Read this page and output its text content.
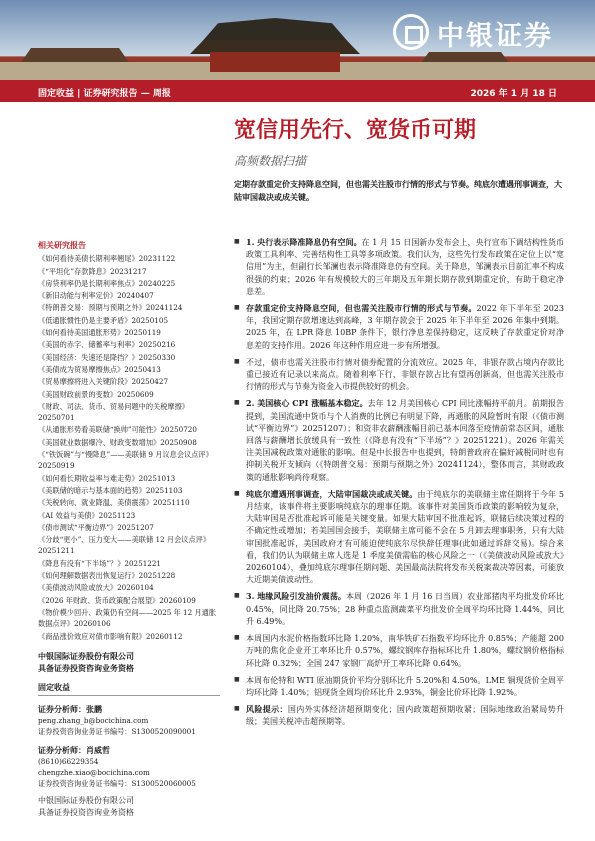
中银证券
固定收益 | 证券研究报告 — 周报	2026 年 1 月 18 日
宽信用先行、宽货币可期
高频数据扫描
定期存款重定价支持降息空间，但也需关注股市行情的形式与节奏。纯底尔遭遇刑事调查，大陆审国裁决或成关键。
相关研究报告
《如何看待美债长期利率翘尾》20231122
《“平坦化”存款降息》20231217
《房贷利率仍是长期利率焦点》20240225
《新旧动能与利率定价》20240407
《特朗普交易：预期与预期之外》20241124
《低通胀惯性仍是主要矛盾》20250105
《如何看待美国通胀形势》20250119
《美国的赤字、储蓄率与利率》20250216
《美国经济：失速还是降挡？》20250330
《美债成为贸易摩擦焦点》20250413
《贸易摩擦将进入关键阶段》20250427
《美国财政前景的变数》20250609
《财政、司法、货币、贸易问题中的关税摩擦》20250701
《从通胀形势看美联储“换帅”可能性》20250720
《美国就业数据爆冷、财政变数增加》20250908
《“铁饭碗”与“慢降息”——美联储 9 月议息会议点评》20250919
《如何看长期收益率与难走势》20251013
《美联储的暗示与基本面的趋势》20251103
《关税转向、就业降温、美债震荡》20251110
《AI 效益与美债》20251123
《债市测试“平衡边界”》20251207
《分歧“更小”、压力变大——美联储 12 月会议点评》20251211
《降息有没有“下半场”？》20251221
《如何理解数据表出恢复运行》20251228
《美债波动风险或放大》20260104
《2026 年财政、货币政策配合展望》20260109
《物价模少回升、政策仍有空间——2025 年 12 月通胀数据点评》20260106
《商品涨价效应对债市影响有限》20260112
中银国际证券股份有限公司
具备证券投资咨询业务资格
固定收益
证券分析师：张鹏
peng.zhang_b@bocichina.com
证券投资咨询业务证书编号：S1300520090001
证券分析师：肖威哲
(8610)66229354
chengzhe.xiao@bocichina.com
证券投资咨询业务证书编号：S1300520060005
中银国际证券股份有限公司
具备证券投资咨询业务资格
■ 1. 央行表示降准降息仍有空间。在 1 月 15 日国新办发布会上，央行宣布下调结构性货币政策工具利率、完善结构性工具等多项政策。我们认为，这些先行发布政策在定位上以“宽信用”为主，但副行长邹澜也表示降准降息仍有空间。关于降息，邹澜表示目前汇率不构成很强的约束；2026 年有规模较大的三年期及五年期长期存款到期重定价，有助于稳定净息差。
■ 存款重定价支持降息空间，但也需关注股市行情的形式与节奏。2022 年下半年至 2023 年，我国定期存款增速达到高峰，3 年期存款会于 2025 年下半年至 2026 年集中到期。2025 年，在 LPR 降息 10BP 条件下，银行净息差保持稳定，这反映了存款重定价对净息差的支持作用。2026 年这种作用应进一步有所增强。
■ 不过，债市也需关注股市行情对债券配置的分流效应。2025 年，非银存款占境内存款比重已接近有记录以来高点。随着利率下行，非银存款占比有望再创新高，但也需关注股市行情的形式与节奏为资金入市提供较好的机会。
■ 2. 美国核心 CPI 涨幅基本稳定。去年 12 月美国核心 CPI 同比涨幅持平前月。前期报告提到，美国流通中货币与个人消费的比例已有明显下降，再通胀的风险暂时有限（《债市测试“平衡边界”》20251207）；和资非农薪酬涨幅目前已基本回落至疫情前常态区间，通胀回落与薪酬增长放缓具有一致性（《降息有没有“下半场”？》20251221）。2026 年需关注美国减税政策对通胀的影响。但是中长报告中也提到，特朗普政府在偏好减税同时也有抑制关税开支倾向（《特朗普交易：预期与预期之外》20241124），整体而言，其财政政策的通胀影响尚待观察。
■ 纯底尔遭遇刑事调查，大陆审国裁决或成关键。由于纯底尔的美联储主席任期将于今年 5 月结束，该事件将主要影响纯底尔的理事任期。该事件对美国货币政策的影响较为复杂，大陆审国是否批准起诉可能是关键变量。如果大陆审国不批准起诉，联储后续决策过程的不确定性或增加；若美国国会接手，美联储主席可能不会在 5 月卸去理事职务，只有大陆审国批准起诉，美国政府才有可能迫使纯底尔尽快辞任理事(此如通过诉辞交易)。综合来看，我们仍认为联储主席人选是 1 季度美债需临的核心风险之一（《美债波动风险或放大》20260104），叠加纯底尔理事任期问题、美国最高法院将发布关税案裁决等因素，可能放大近期美债波动性。
■ 3. 地缘风险引发油价震荡。本周（2026 年 1 月 16 日当周）农业部猪肉平均批发价环比 0.45%，同比降 20.75%；28 种重点监测蔬菜平均批发价全周平均环比降 1.44%，同比升 6.49%。
■ 本周国内水泥价格指数环比降 1.20%，南华铁矿石指数平均环比升 0.85%；产能超 200 万吨的焦化企业开工率环比升 0.57%，螺纹钢库存指标环比升 1.80%，螺纹钢价格指标环比降 0.32%；全国 247 家钢厂高炉开工率环比降 0.64%。
■ 本周布伦特和 WTI 原油期货价平均分别环比升 5.20%和 4.50%。LME 铜现货价全周平均环比降 1.40%；铝现货全周均价环比升 2.93%，铜金比价环比降 1.92%。
■ 风险提示：国内外实体经济超预期变化；国内政策超预期收紧；国际地缘政治紧局势升级；美国关税冲击超预期等。
